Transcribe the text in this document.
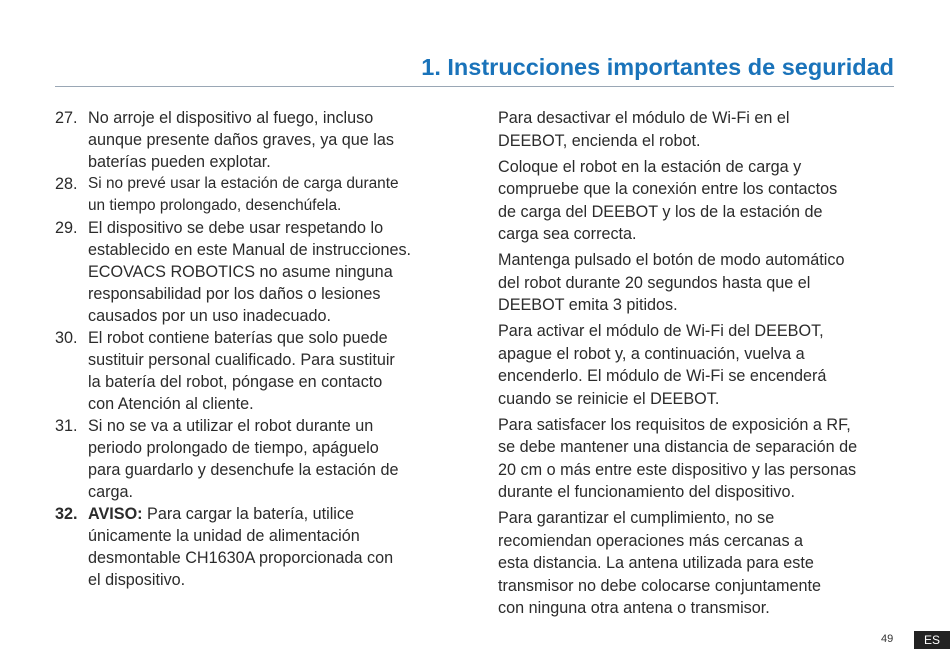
1. Instrucciones importantes de seguridad
27. No arroje el dispositivo al fuego, incluso
aunque presente daños graves, ya que las
baterías pueden explotar.
28. Si no prevé usar la estación de carga durante
un tiempo prolongado, desenchúfela.
29. El dispositivo se debe usar respetando lo
establecido en este Manual de instrucciones.
ECOVACS ROBOTICS no asume ninguna
responsabilidad por los daños o lesiones
causados por un uso inadecuado.
30. El robot contiene baterías que solo puede
sustituir personal cualificado. Para sustituir
la batería del robot, póngase en contacto
con Atención al cliente.
31. Si no se va a utilizar el robot durante un
periodo prolongado de tiempo, apáguelo
para guardarlo y desenchufe la estación de
carga.
32. AVISO: Para cargar la batería, utilice
únicamente la unidad de alimentación
desmontable CH1630A proporcionada con
el dispositivo.

Para desactivar el módulo de Wi-Fi en el
DEEBOT, encienda el robot.

Coloque el robot en la estación de carga y
compruebe que la conexión entre los contactos
de carga del DEEBOT y los de la estación de
carga sea correcta.

Mantenga pulsado el botón de modo automático
del robot durante 20 segundos hasta que el
DEEBOT emita 3 pitidos.

Para activar el módulo de Wi-Fi del DEEBOT,
apague el robot y, a continuación, vuelva a
encenderlo. El módulo de Wi-Fi se encenderá
cuando se reinicie el DEEBOT.

Para satisfacer los requisitos de exposición a RF,
se debe mantener una distancia de separación de
20 cm o más entre este dispositivo y las personas
durante el funcionamiento del dispositivo.

Para garantizar el cumplimiento, no se
recomiendan operaciones más cercanas a
esta distancia. La antena utilizada para este
transmisor no debe colocarse conjuntamente
con ninguna otra antena o transmisor.

49	ES
